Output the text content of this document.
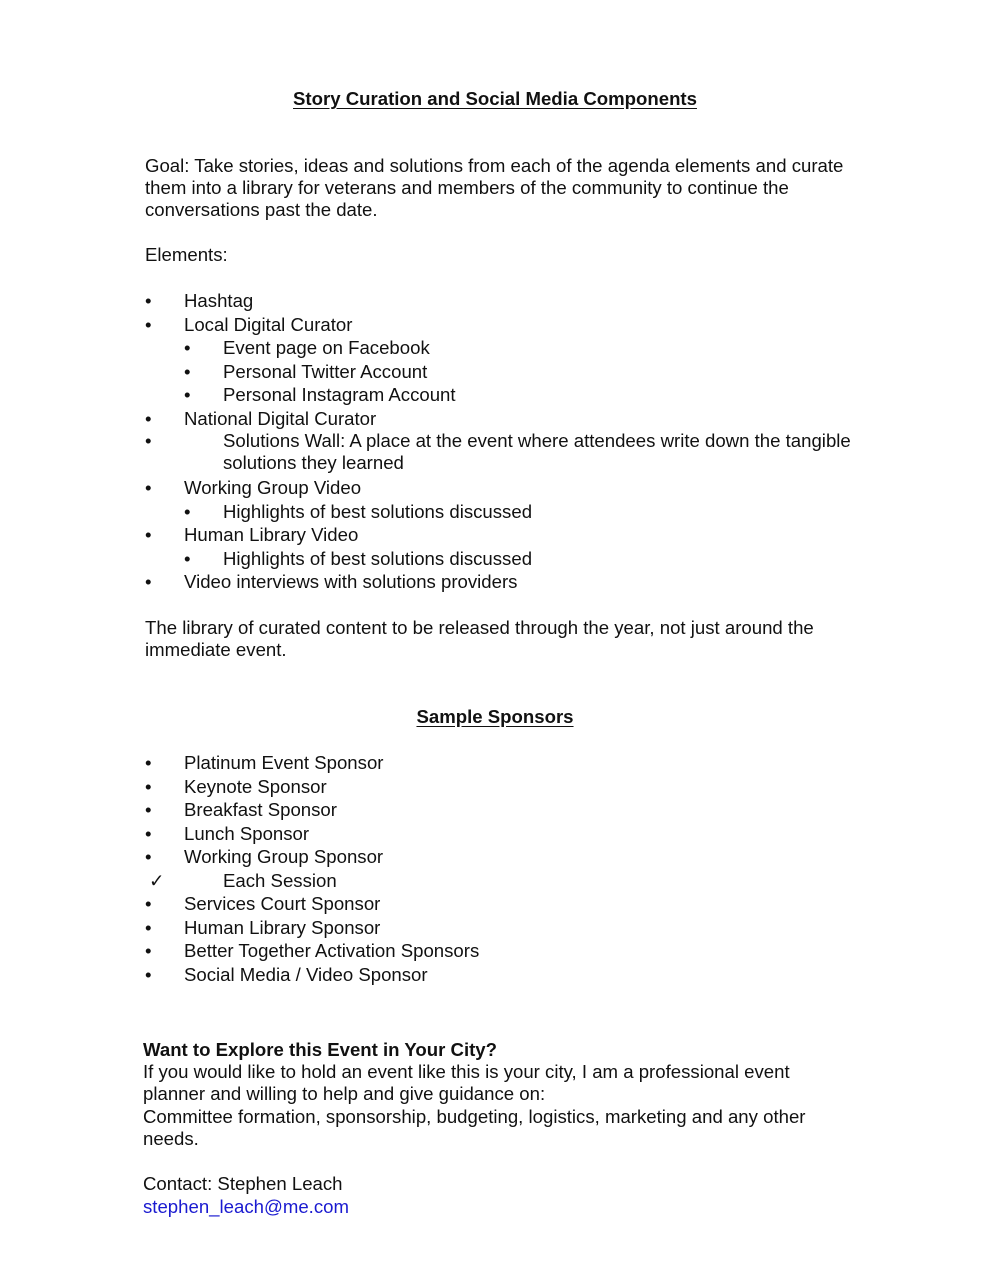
Story Curation and Social Media Components
Goal: Take stories, ideas and solutions from each of the agenda elements and curate them into a library for veterans and members of the community to continue the conversations past the date.
Elements:
•	Hashtag
•	Local Digital Curator
•	Event page on Facebook
•	Personal Twitter Account
•	Personal Instagram Account
•	National Digital Curator
•	Solutions Wall: A place at the event where attendees write down the tangible solutions they learned
•	Working Group Video
•	Highlights of best solutions discussed
•	Human Library Video
•	Highlights of best solutions discussed
•	Video interviews with solutions providers
The library of curated content to be released through the year, not just around the immediate event.
Sample Sponsors
•	Platinum Event Sponsor
•	Keynote Sponsor
•	Breakfast Sponsor
•	Lunch Sponsor
•	Working Group Sponsor
✓	Each Session
•	Services Court Sponsor
•	Human Library Sponsor
•	Better Together Activation Sponsors
•	Social Media / Video Sponsor
Want to Explore this Event in Your City?
If you would like to hold an event like this is your city, I am a professional event planner and willing to help and give guidance on:
Committee formation, sponsorship, budgeting, logistics, marketing and any other needs.
Contact: Stephen Leach
stephen_leach@me.com
